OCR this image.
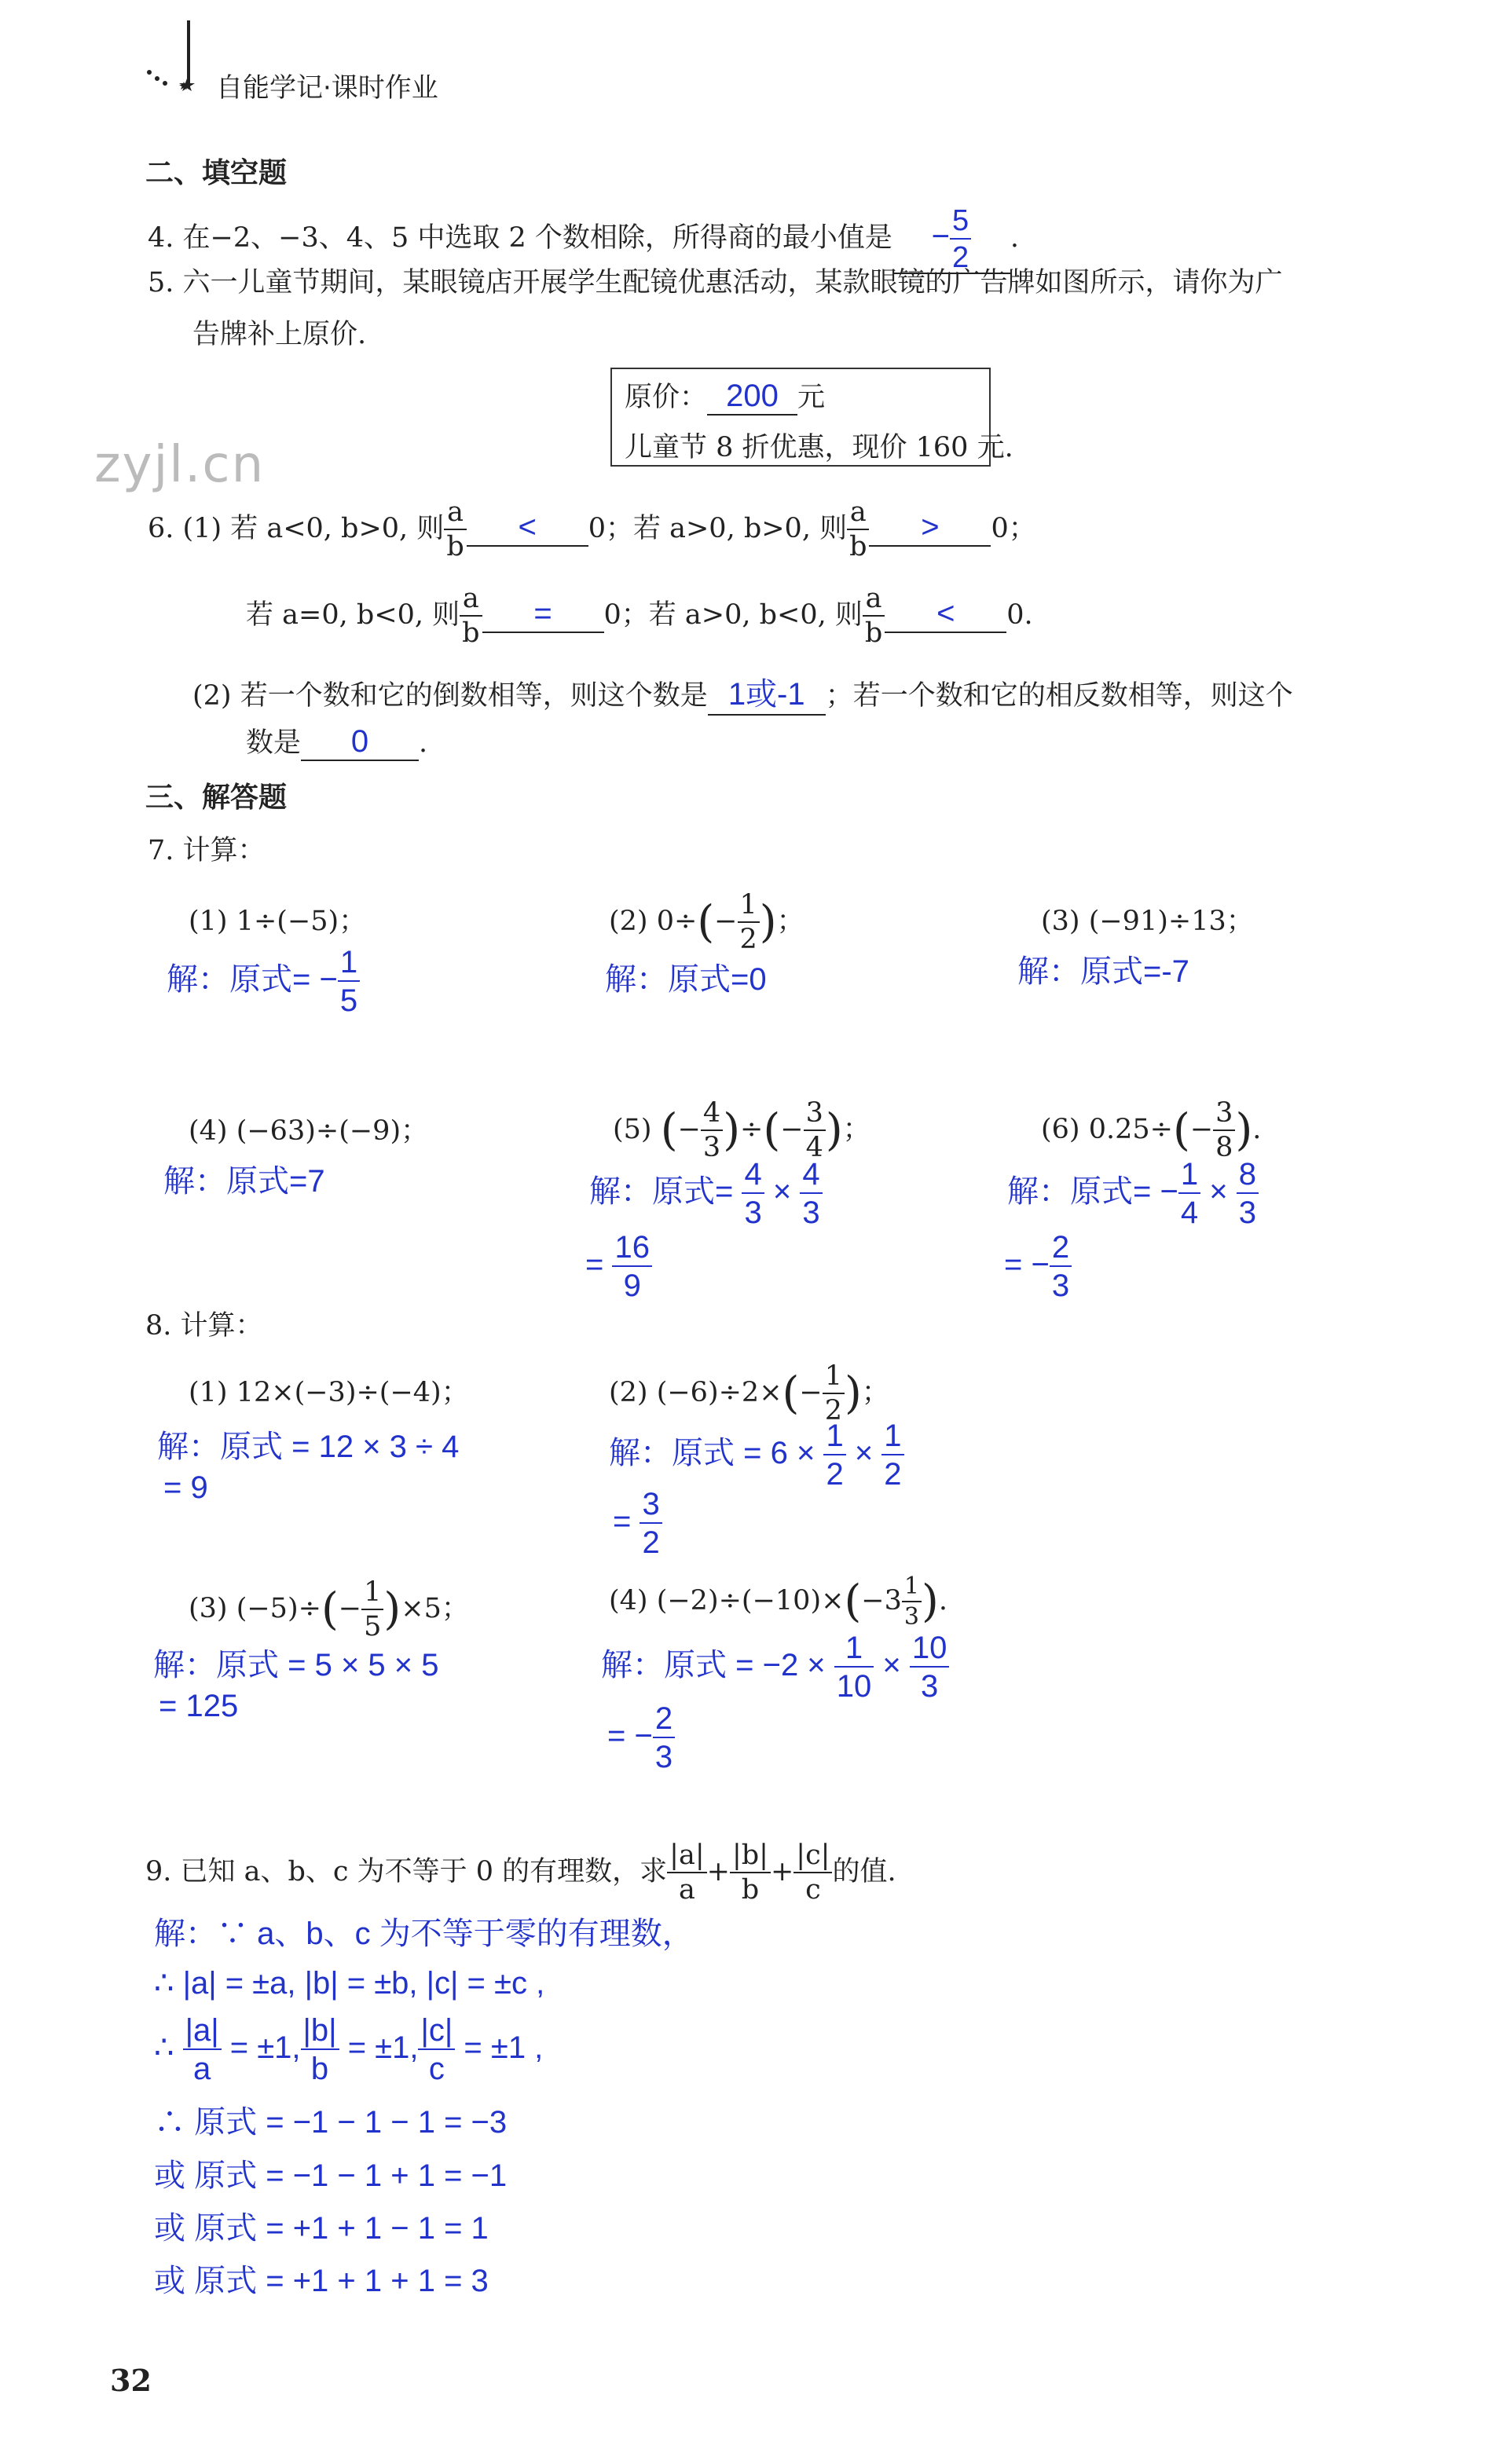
自能学记·课时作业
二、填空题
4. 在−2、−3、4、5 中选取 2 个数相除，所得商的最小值是 − $\frac{5}{2}$ .
5. 六一儿童节期间，某眼镜店开展学生配镜优惠活动，某款眼镜的广告牌如图所示，请你为广
告牌补上原价.
原价： 200 元
儿童节 8 折优惠，现价 160 元.
zyjl.cn
6. (1) 若 a<0, b>0, 则 $\frac{a}{b} < 0$；若 a>0, b>0, 则 $\frac{a}{b} > 0$；
若 a=0, b<0, 则 $\frac{a}{b} = 0$；若 a>0, b<0, 则 $\frac{a}{b} < 0$.
(2) 若一个数和它的倒数相等，则这个数是 1或-1 ；若一个数和它的相反数相等，则这个
数是 0 .
三、解答题
7. 计算：
(1) 1÷(−5)；
解：原式= − $\frac{1}{5}$
(2) $0\div(- \frac{1}{2}$ )；
解：原式=0
(3) (−91)÷13；
解：原式=-7
(4) (−63)÷(−9)；
解：原式=7
(5) (− $\frac{4}{3}$ )÷(− $\frac{3}{4}$ )；
解：原式= $\frac{4}{3} \times \frac{4}{3}$
= $\frac{16}{9}$
(6) $0.25\div(- \frac{3}{8}$ ).
解：原式= − $\frac{1}{4} \times \frac{8}{3}$
= − $\frac{2}{3}$
8. 计算：
(1) 12×(−3)÷(−4)；
解：原式 = 12 × 3 ÷ 4
= 9
(2) $(-6)\div 2\times(- \frac{1}{2}$ )；
解：原式 = $6 \times \frac{1}{2} \times \frac{1}{2}$
= $\frac{3}{2}$
(3) $(-5)\div(- \frac{1}{5} )\times 5$；
解：原式 = 5 × 5 × 5
= 125
(4) $(-2)\div(-10)\times(-3 \frac{1}{3}$ ).
解：原式 = $-2 \times \frac{1}{10} \times \frac{10}{3}$
= − $\frac{2}{3}$
9. 已知 a、b、c 为不等于 0 的有理数，求 $\frac{|a|}{a} + \frac{|b|}{b} + \frac{|c|}{c}$ 的值.
解：∵ a、b、c 为不等于零的有理数，
∴ |a| = ±a, |b| = ±b, |c| = ±c ,
∴ $\frac{|a|}{a} = \pm 1$, $\frac{|b|}{b} = \pm 1$, $\frac{|c|}{c} = \pm 1$ ,
∴ 原式 = −1 − 1 − 1 = −3
或 原式 = −1 − 1 + 1 = −1
或 原式 = +1 + 1 − 1 = 1
或 原式 = +1 + 1 + 1 = 3
32
